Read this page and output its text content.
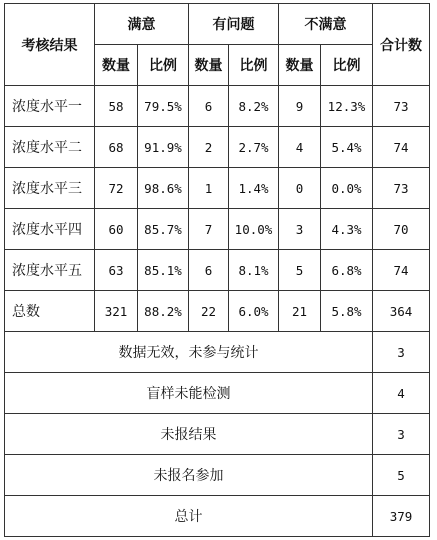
考核结果	满意		有问题		不满意		合计数
	数量	比例	数量	比例	数量	比例	
浓度水平一	58	79.5%	6	8.2%	9	12.3%	73
浓度水平二	68	91.9%	2	2.7%	4	5.4%	74
浓度水平三	72	98.6%	1	1.4%	0	0.0%	73
浓度水平四	60	85.7%	7	10.0%	3	4.3%	70
浓度水平五	63	85.1%	6	8.1%	5	6.8%	74
总数	321	88.2%	22	6.0%	21	5.8%	364
数据无效，未参与统计							3
盲样未能检测							4
未报结果							3
未报名参加							5
总计							379
